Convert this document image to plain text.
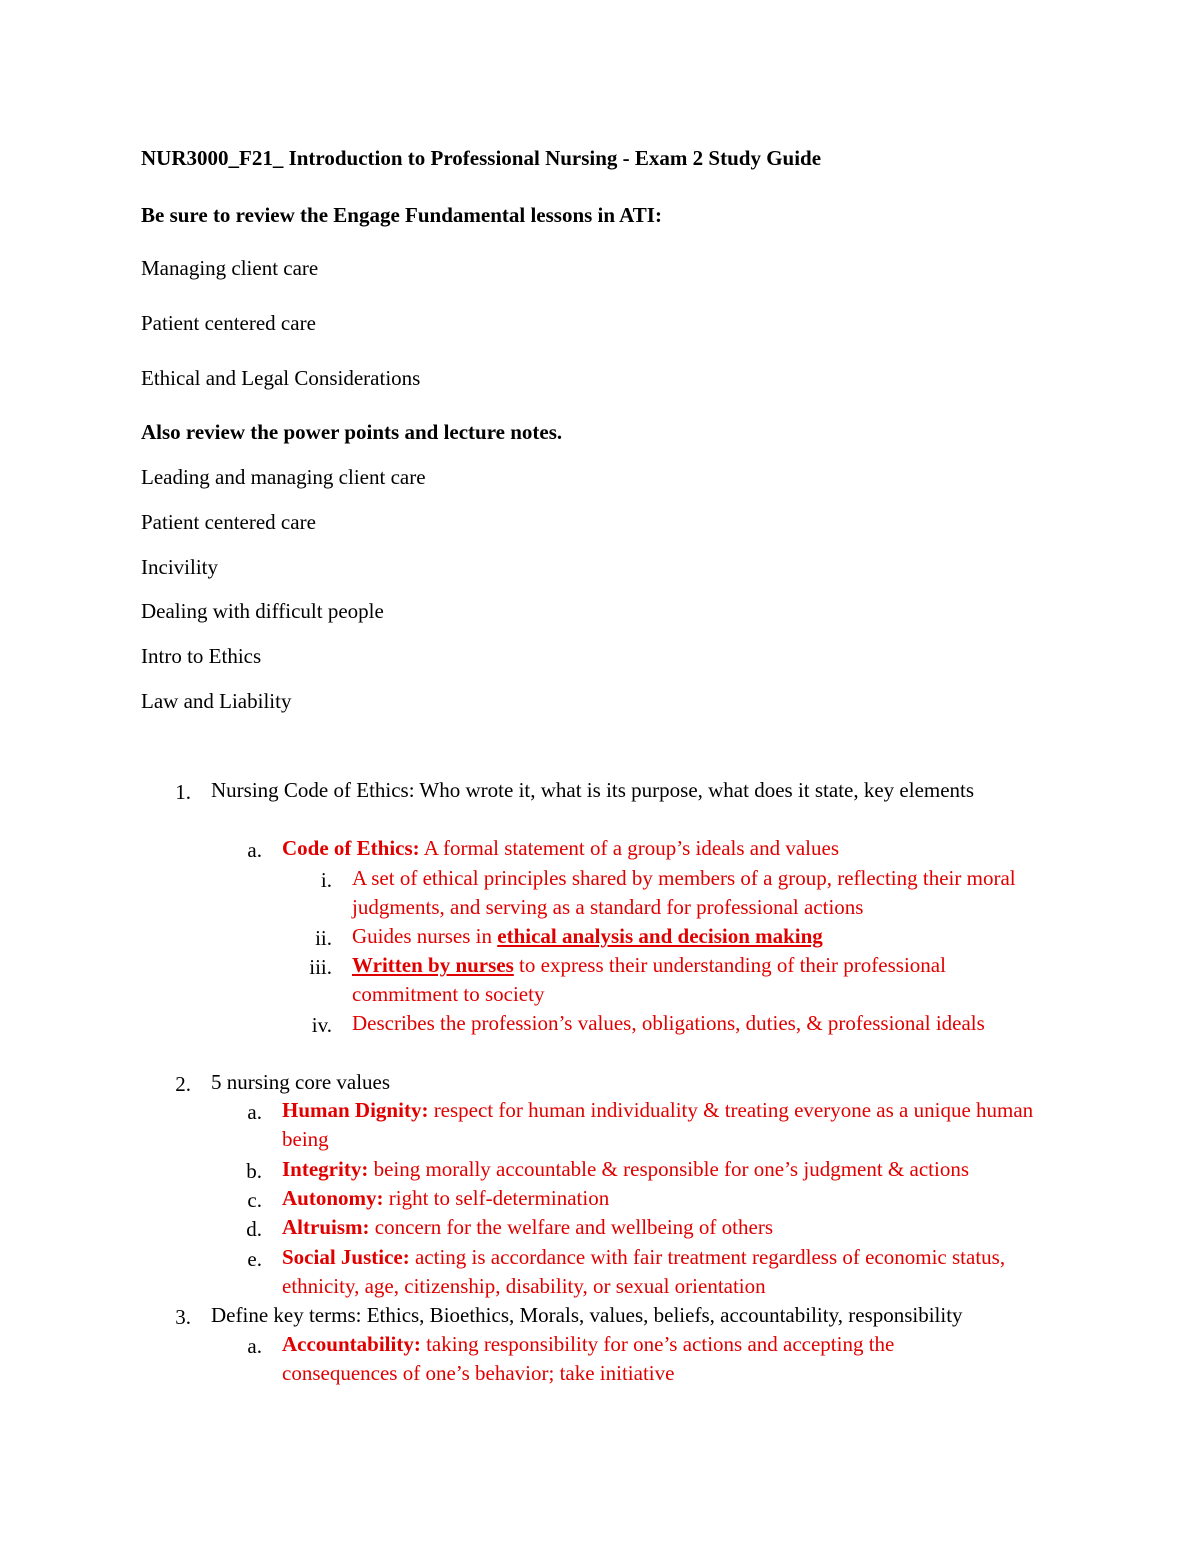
NUR3000_F21_ Introduction to Professional Nursing - Exam 2 Study Guide
Be sure to review the Engage Fundamental lessons in ATI:
Managing client care
Patient centered care
Ethical and Legal Considerations
Also review the power points and lecture notes.
Leading and managing client care
Patient centered care
Incivility
Dealing with difficult people
Intro to Ethics
Law and Liability
1. Nursing Code of Ethics: Who wrote it, what is its purpose, what does it state, key elements
a. Code of Ethics: A formal statement of a group’s ideals and values
i. A set of ethical principles shared by members of a group, reflecting their moral judgments, and serving as a standard for professional actions
ii. Guides nurses in ethical analysis and decision making
iii. Written by nurses to express their understanding of their professional commitment to society
iv. Describes the profession’s values, obligations, duties, & professional ideals
2. 5 nursing core values
a. Human Dignity: respect for human individuality & treating everyone as a unique human being
b. Integrity: being morally accountable & responsible for one’s judgment & actions
c. Autonomy: right to self-determination
d. Altruism: concern for the welfare and wellbeing of others
e. Social Justice: acting is accordance with fair treatment regardless of economic status, ethnicity, age, citizenship, disability, or sexual orientation
3. Define key terms: Ethics, Bioethics, Morals, values, beliefs, accountability, responsibility
a. Accountability: taking responsibility for one’s actions and accepting the consequences of one’s behavior; take initiative
